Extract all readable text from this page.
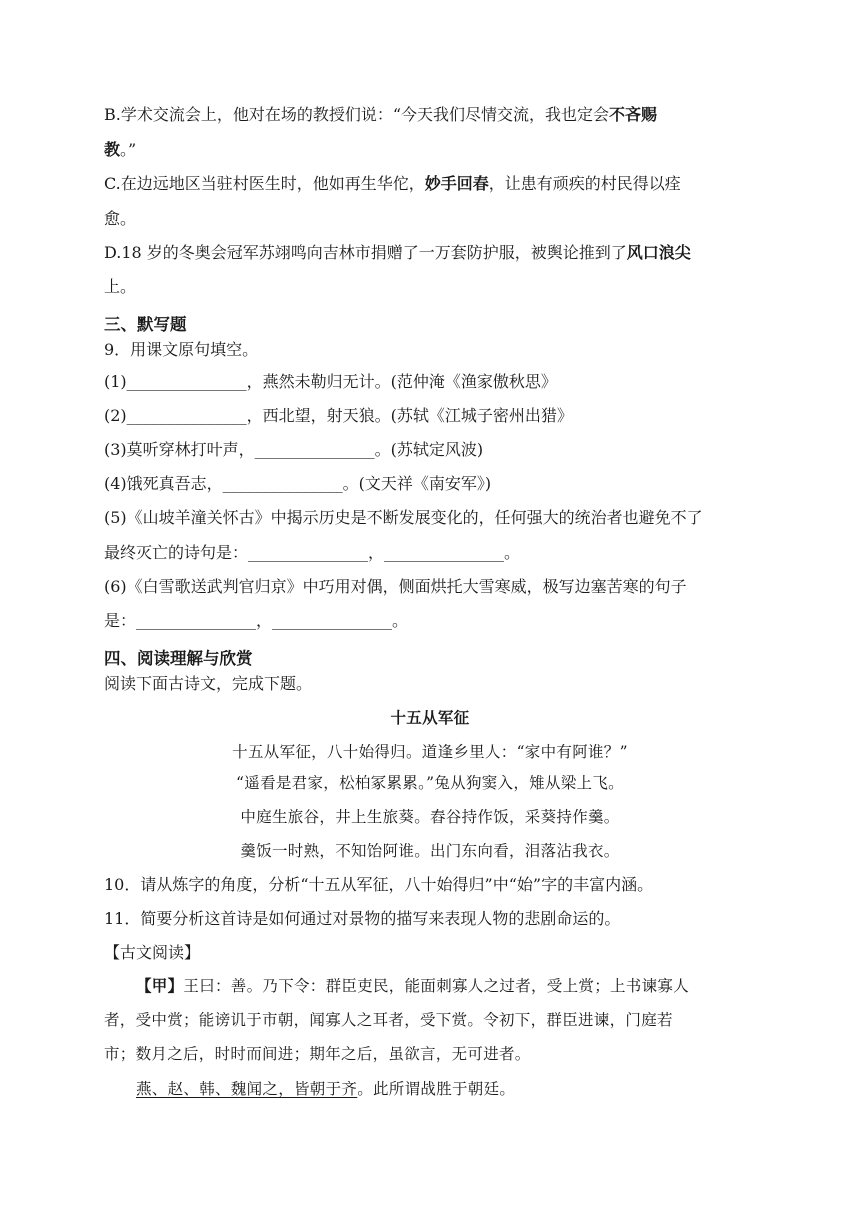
B.学术交流会上，他对在场的教授们说：“今天我们尽情交流，我也定会不吝赐
教。”
C.在边远地区当驻村医生时，他如再生华佗，妙手回春，让患有顽疾的村民得以痊
愈。
D.18 岁的冬奥会冠军苏翊鸣向吉林市捐赠了一万套防护服，被舆论推到了风口浪尖
上。
三、默写题
9．用课文原句填空。
(1)_______________，燕然未勒归无计。(范仲淹《渔家傲秋思》
(2)_______________，西北望，射天狼。(苏轼《江城子密州出猎》
(3)莫听穿林打叶声，_______________。(苏轼定风波)
(4)饿死真吾志，_______________。(文天祥《南安军》)
(5)《山坡羊潼关怀古》中揭示历史是不断发展变化的，任何强大的统治者也避免不了
最终灭亡的诗句是：_______________，_______________。
(6)《白雪歌送武判官归京》中巧用对偶，侧面烘托大雪寒威，极写边塞苦寒的句子
是：_______________，_______________。
四、阅读理解与欣赏
阅读下面古诗文，完成下题。
十五从军征
十五从军征，八十始得归。道逢乡里人：“家中有阿谁？”
“遥看是君家，松柏冢累累。”兔从狗窦入，雉从梁上飞。
中庭生旅谷，井上生旅葵。舂谷持作饭，采葵持作羹。
羹饭一时熟，不知饴阿谁。出门东向看，泪落沾我衣。
10．请从炼字的角度，分析“十五从军征，八十始得归”中“始”字的丰富内涵。
11．简要分析这首诗是如何通过对景物的描写来表现人物的悲剧命运的。
【古文阅读】
【甲】王曰：善。乃下令：群臣吏民，能面刺寡人之过者，受上赏；上书谏寡人
者，受中赏；能谤讥于市朝，闻寡人之耳者，受下赏。令初下，群臣进谏，门庭若
市；数月之后，时时而间进；期年之后，虽欲言，无可进者。
燕、赵、韩、魏闻之，皆朝于齐。此所谓战胜于朝廷。
